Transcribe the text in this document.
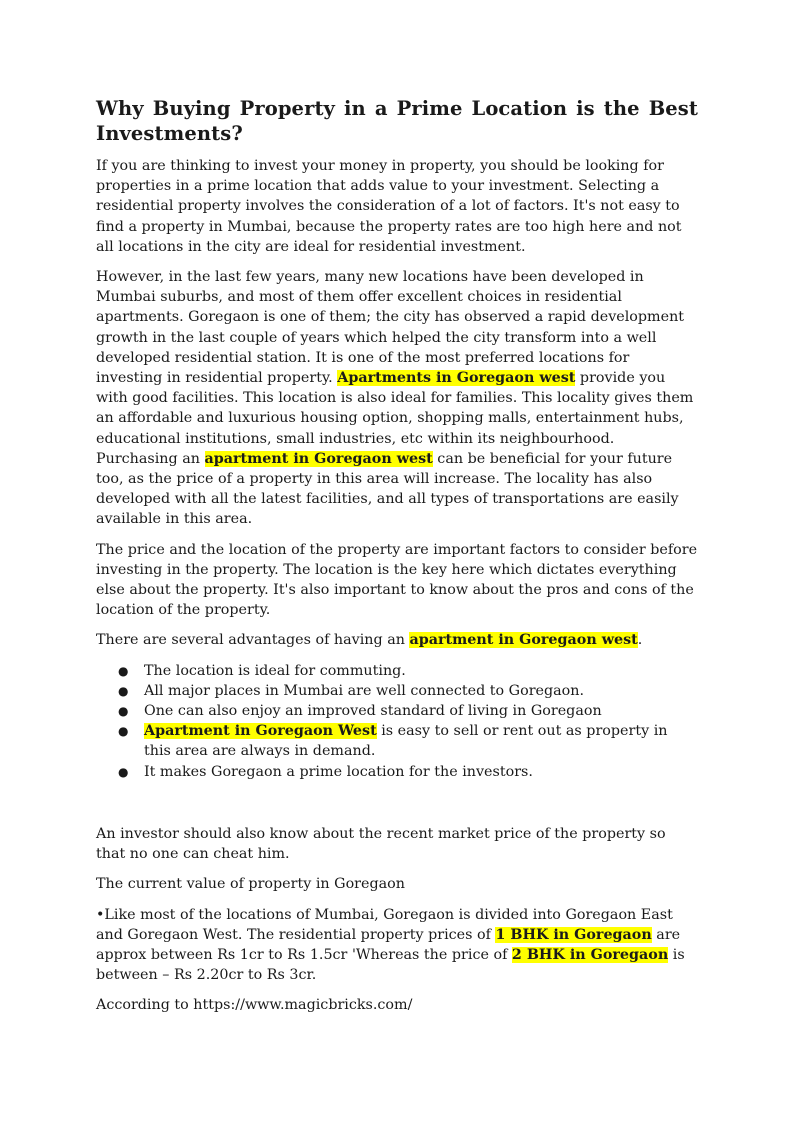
Why Buying Property in a Prime Location is the Best Investments?

If you are thinking to invest your money in property, you should be looking for properties in a prime location that adds value to your investment. Selecting a residential property involves the consideration of a lot of factors. It's not easy to find a property in Mumbai, because the property rates are too high here and not all locations in the city are ideal for residential investment.

However, in the last few years, many new locations have been developed in Mumbai suburbs, and most of them offer excellent choices in residential apartments. Goregaon is one of them; the city has observed a rapid development growth in the last couple of years which helped the city transform into a well developed residential station. It is one of the most preferred locations for investing in residential property. Apartments in Goregaon west provide you with good facilities. This location is also ideal for families. This locality gives them an affordable and luxurious housing option, shopping malls, entertainment hubs, educational institutions, small industries, etc within its neighbourhood. Purchasing an apartment in Goregaon west can be beneficial for your future too, as the price of a property in this area will increase. The locality has also developed with all the latest facilities, and all types of transportations are easily available in this area.

The price and the location of the property are important factors to consider before investing in the property. The location is the key here which dictates everything else about the property. It's also important to know about the pros and cons of the location of the property.

There are several advantages of having an apartment in Goregaon west.

● The location is ideal for commuting.
● All major places in Mumbai are well connected to Goregaon.
● One can also enjoy an improved standard of living in Goregaon
● Apartment in Goregaon West is easy to sell or rent out as property in this area are always in demand.
● It makes Goregaon a prime location for the investors.

An investor should also know about the recent market price of the property so that no one can cheat him.

The current value of property in Goregaon

•Like most of the locations of Mumbai, Goregaon is divided into Goregaon East and Goregaon West. The residential property prices of 1 BHK in Goregaon are approx between Rs 1cr to Rs 1.5cr 'Whereas the price of 2 BHK in Goregaon is between – Rs 2.20cr to Rs 3cr.

According to https://www.magicbricks.com/
